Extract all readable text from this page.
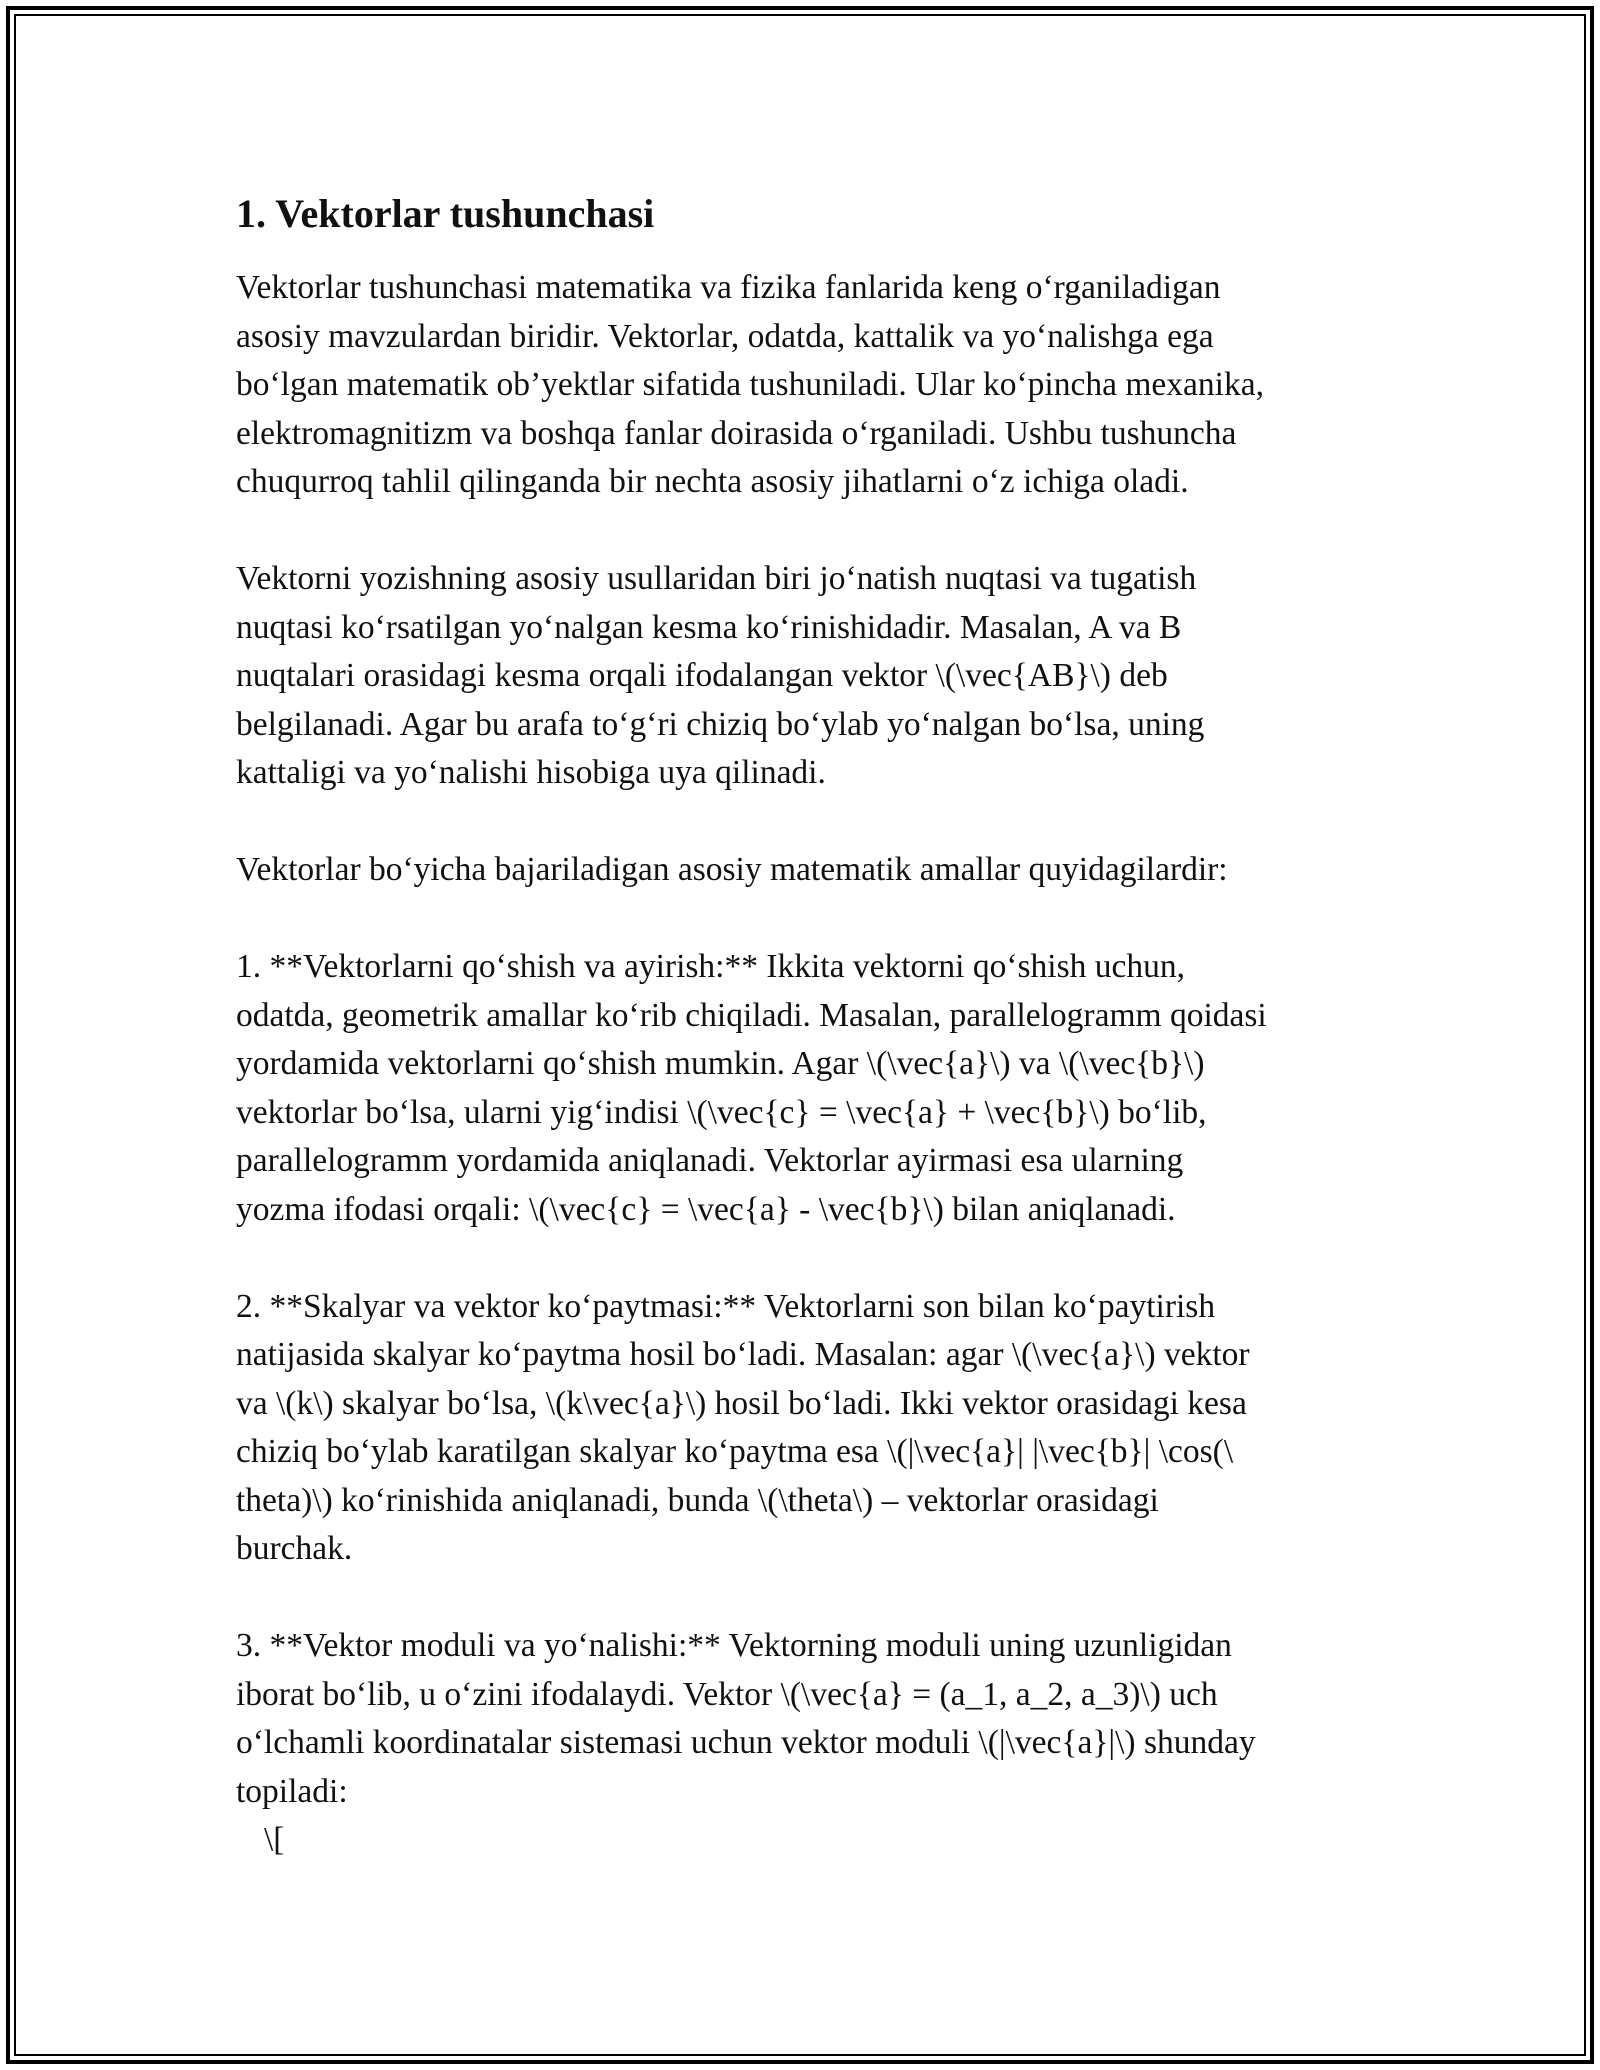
1. Vektorlar tushunchasi
Vektorlar tushunchasi matematika va fizika fanlarida keng o‘rganiladigan
asosiy mavzulardan biridir. Vektorlar, odatda, kattalik va yo‘nalishga ega
bo‘lgan matematik ob’yektlar sifatida tushuniladi. Ular ko‘pincha mexanika,
elektromagnitizm va boshqa fanlar doirasida o‘rganiladi. Ushbu tushuncha
chuqurroq tahlil qilinganda bir nechta asosiy jihatlarni o‘z ichiga oladi.
Vektorni yozishning asosiy usullaridan biri jo‘natish nuqtasi va tugatish
nuqtasi ko‘rsatilgan yo‘nalgan kesma ko‘rinishidadir. Masalan, A va B
nuqtalari orasidagi kesma orqali ifodalangan vektor \(\vec{AB}\) deb
belgilanadi. Agar bu arafa to‘g‘ri chiziq bo‘ylab yo‘nalgan bo‘lsa, uning
kattaligi va yo‘nalishi hisobiga uya qilinadi.
Vektorlar bo‘yicha bajariladigan asosiy matematik amallar quyidagilardir:
1. **Vektorlarni qo‘shish va ayirish:** Ikkita vektorni qo‘shish uchun,
odatda, geometrik amallar ko‘rib chiqiladi. Masalan, parallelogramm qoidasi
yordamida vektorlarni qo‘shish mumkin. Agar \(\vec{a}\) va \(\vec{b}\)
vektorlar bo‘lsa, ularni yig‘indisi \(\vec{c} = \vec{a} + \vec{b}\) bo‘lib,
parallelogramm yordamida aniqlanadi. Vektorlar ayirmasi esa ularning
yozma ifodasi orqali: \(\vec{c} = \vec{a} - \vec{b}\) bilan aniqlanadi.
2. **Skalyar va vektor ko‘paytmasi:** Vektorlarni son bilan ko‘paytirish
natijasida skalyar ko‘paytma hosil bo‘ladi. Masalan: agar \(\vec{a}\) vektor
va \(k\) skalyar bo‘lsa, \(k\vec{a}\) hosil bo‘ladi. Ikki vektor orasidagi kesa
chiziq bo‘ylab karatilgan skalyar ko‘paytma esa \(|\vec{a}| |\vec{b}| \cos(\
theta)\) ko‘rinishida aniqlanadi, bunda \(\theta\) – vektorlar orasidagi
burchak.
3. **Vektor moduli va yo‘nalishi:** Vektorning moduli uning uzunligidan
iborat bo‘lib, u o‘zini ifodalaydi. Vektor \(\vec{a} = (a_1, a_2, a_3)\) uch
o‘lchamli koordinatalar sistemasi uchun vektor moduli \(|\vec{a}|\) shunday
topiladi:
\[
